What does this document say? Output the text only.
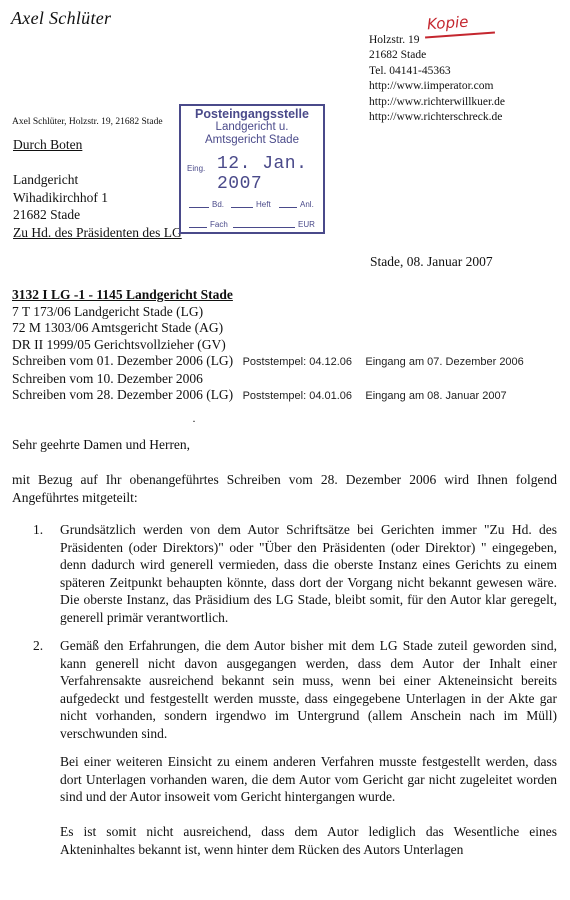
Axel Schlüter	Kopie
Holzstr. 19
21682 Stade
Tel. 04141-45363
http://www.iimperator.com
http://www.richterwillkuer.de
http://www.richterschreck.de
Axel Schlüter, Holzstr. 19, 21682 Stade
Durch Boten
Landgericht
Wihadikirchhof 1
21682 Stade
Zu Hd. des Präsidenten des LG
Posteingangsstelle
Landgericht u.
Amtsgericht Stade
Eing. 12. Jan. 2007
Bd.	Heft	Anl.
Fach	EUR
Stade, 08. Januar 2007
3132 I LG -1 - 1145 Landgericht Stade
7 T 173/06 Landgericht Stade (LG)
72 M 1303/06 Amtsgericht Stade (AG)
DR II 1999/05 Gerichtsvollzieher (GV)
Schreiben vom 01. Dezember 2006 (LG) Poststempel: 04.12.06 Eingang am 07. Dezember 2006
Schreiben vom 10. Dezember 2006
Schreiben vom 28. Dezember 2006 (LG) Poststempel: 04.01.06 Eingang am 08. Januar 2007
·
Sehr geehrte Damen und Herren,
mit Bezug auf Ihr obenangeführtes Schreiben vom 28. Dezember 2006 wird Ihnen folgend Angeführtes mitgeteilt:
1. Grundsätzlich werden von dem Autor Schriftsätze bei Gerichten immer "Zu Hd. des Präsidenten (oder Direktors)" oder "Über den Präsidenten (oder Direktor) " eingegeben, denn dadurch wird generell vermieden, dass die oberste Instanz eines Gerichts zu einem späteren Zeitpunkt behaupten könnte, dass dort der Vorgang nicht bekannt gewesen wäre. Die oberste Instanz, das Präsidium des LG Stade, bleibt somit, für den Autor klar geregelt, generell primär verantwortlich.
2. Gemäß den Erfahrungen, die dem Autor bisher mit dem LG Stade zuteil geworden sind, kann generell nicht davon ausgegangen werden, dass dem Autor der Inhalt einer Verfahrensakte ausreichend bekannt sein muss, wenn bei einer Akteneinsicht bereits aufgedeckt und festgestellt werden musste, dass eingegebene Unterlagen in der Akte gar nicht vorhanden, sondern irgendwo im Untergrund (allem Anschein nach im Müll) verschwunden sind.
Bei einer weiteren Einsicht zu einem anderen Verfahren musste festgestellt werden, dass dort Unterlagen vorhanden waren, die dem Autor vom Gericht gar nicht zugeleitet worden sind und der Autor insoweit vom Gericht hintergangen wurde.
Es ist somit nicht ausreichend, dass dem Autor lediglich das Wesentliche eines Akteninhaltes bekannt ist, wenn hinter dem Rücken des Autors Unterlagen
